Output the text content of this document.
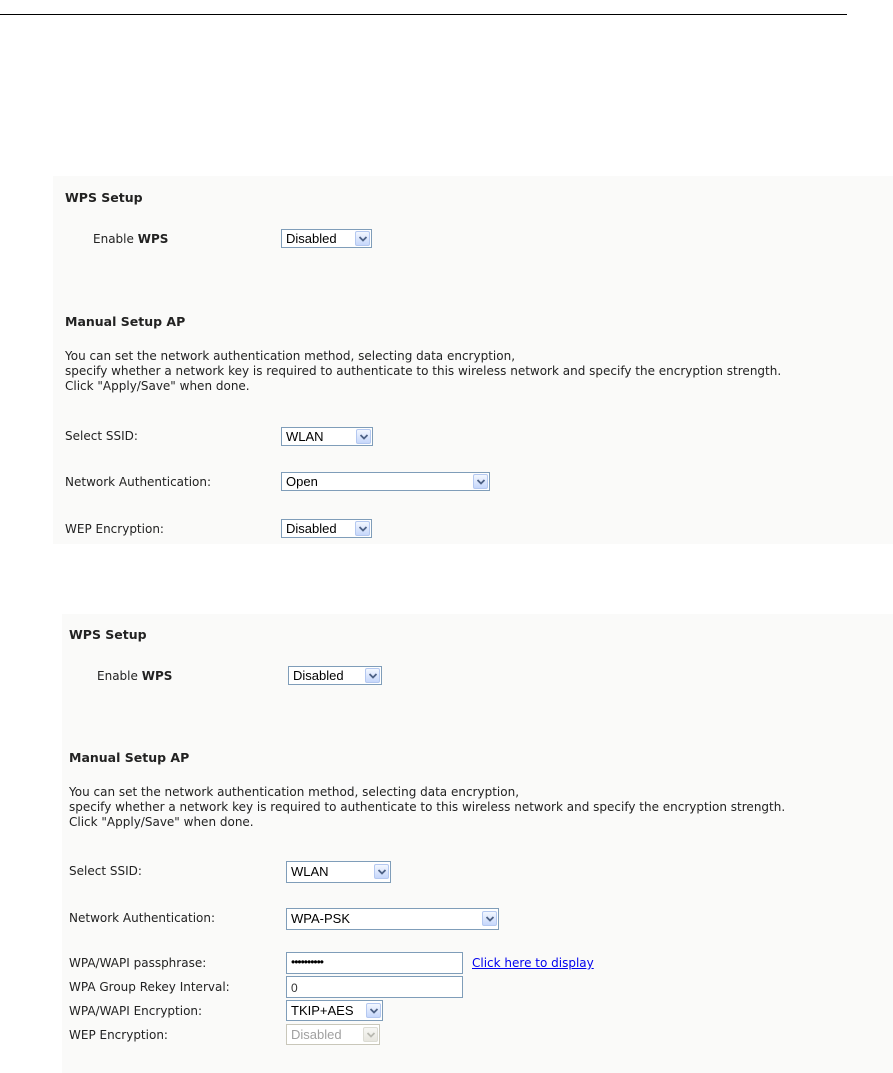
WPS Setup
Enable WPS	Disabled
Manual Setup AP
You can set the network authentication method, selecting data encryption,
specify whether a network key is required to authenticate to this wireless network and specify the encryption strength.
Click "Apply/Save" when done.
Select SSID:	WLAN
Network Authentication:	Open
WEP Encryption:	Disabled
WPS Setup
Enable WPS	Disabled
Manual Setup AP
You can set the network authentication method, selecting data encryption,
specify whether a network key is required to authenticate to this wireless network and specify the encryption strength.
Click "Apply/Save" when done.
Select SSID:	WLAN
Network Authentication:	WPA-PSK
WPA/WAPI passphrase:	••••••••••	Click here to display
WPA Group Rekey Interval:	0
WPA/WAPI Encryption:	TKIP+AES
WEP Encryption:	Disabled
